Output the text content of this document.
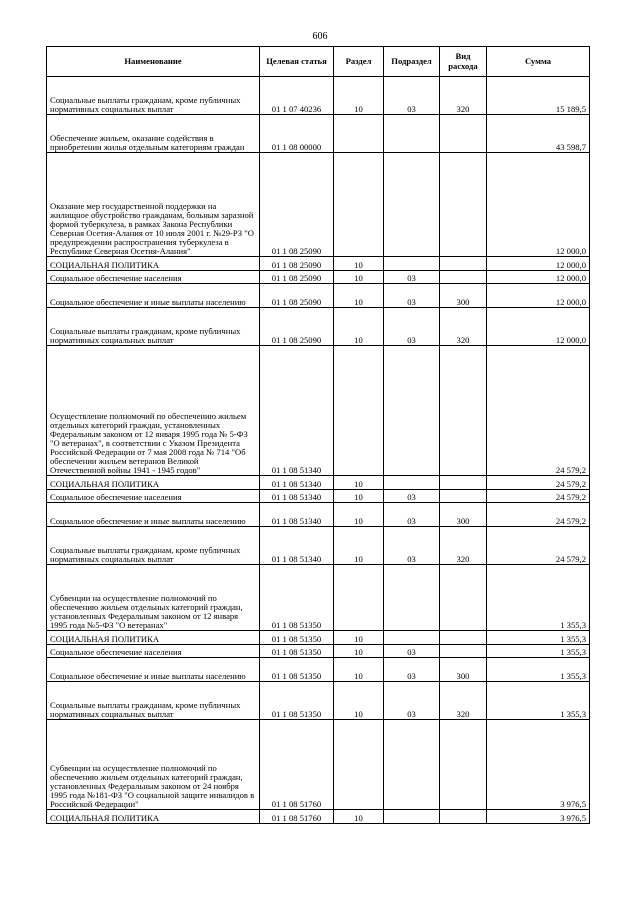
606
Наименование	Целевая статья	Раздел	Подраздел	Вид расхода	Сумма
Социальные выплаты гражданам, кроме публичных нормативных социальных выплат	01 1 07 40236	10	03	320	15 189,5
Обеспечение жильем, оказание содействия в приобретении жилья отдельным категориям граждан	01 1 08 00000				43 598,7
Оказание мер государственной поддержки на жилищное обустройство гражданам, больным заразной формой туберкулеза, в рамках Закона Республики Северная Осетия-Алания от 10 июля 2001 г. №29-РЗ "О предупреждении распространения туберкулеза в Республике Северная Осетия-Алания"	01 1 08 25090				12 000,0
СОЦИАЛЬНАЯ ПОЛИТИКА	01 1 08 25090	10			12 000,0
Социальное обеспечение населения	01 1 08 25090	10	03		12 000,0
Социальное обеспечение и иные выплаты населению	01 1 08 25090	10	03	300	12 000,0
Социальные выплаты гражданам, кроме публичных нормативных социальных выплат	01 1 08 25090	10	03	320	12 000,0
Осуществление полномочий по обеспечению жильем отдельных категорий граждан, установленных Федеральным законом от 12 января 1995 года № 5-ФЗ "О ветеранах", в соответствии с Указом Президента Российской Федерации от 7 мая 2008 года № 714 "Об обеспечении жильем ветеранов Великой Отечественной войны 1941 - 1945 годов"	01 1 08 51340				24 579,2
СОЦИАЛЬНАЯ ПОЛИТИКА	01 1 08 51340	10			24 579,2
Социальное обеспечение населения	01 1 08 51340	10	03		24 579,2
Социальное обеспечение и иные выплаты населению	01 1 08 51340	10	03	300	24 579,2
Социальные выплаты гражданам, кроме публичных нормативных социальных выплат	01 1 08 51340	10	03	320	24 579,2
Субвенции на осуществление полномочий по обеспечению жильем отдельных категорий граждан, установленных Федеральным законом от 12 января 1995 года №5-ФЗ "О ветеранах"	01 1 08 51350				1 355,3
СОЦИАЛЬНАЯ ПОЛИТИКА	01 1 08 51350	10			1 355,3
Социальное обеспечение населения	01 1 08 51350	10	03		1 355,3
Социальное обеспечение и иные выплаты населению	01 1 08 51350	10	03	300	1 355,3
Социальные выплаты гражданам, кроме публичных нормативных социальных выплат	01 1 08 51350	10	03	320	1 355,3
Субвенции на осуществление полномочий по обеспечению жильем отдельных категорий граждан, установленных Федеральным законом от 24 ноября 1995 года №181-ФЗ "О социальной защите инвалидов в Российской Федерации"	01 1 08 51760				3 976,5
СОЦИАЛЬНАЯ ПОЛИТИКА	01 1 08 51760	10			3 976,5
